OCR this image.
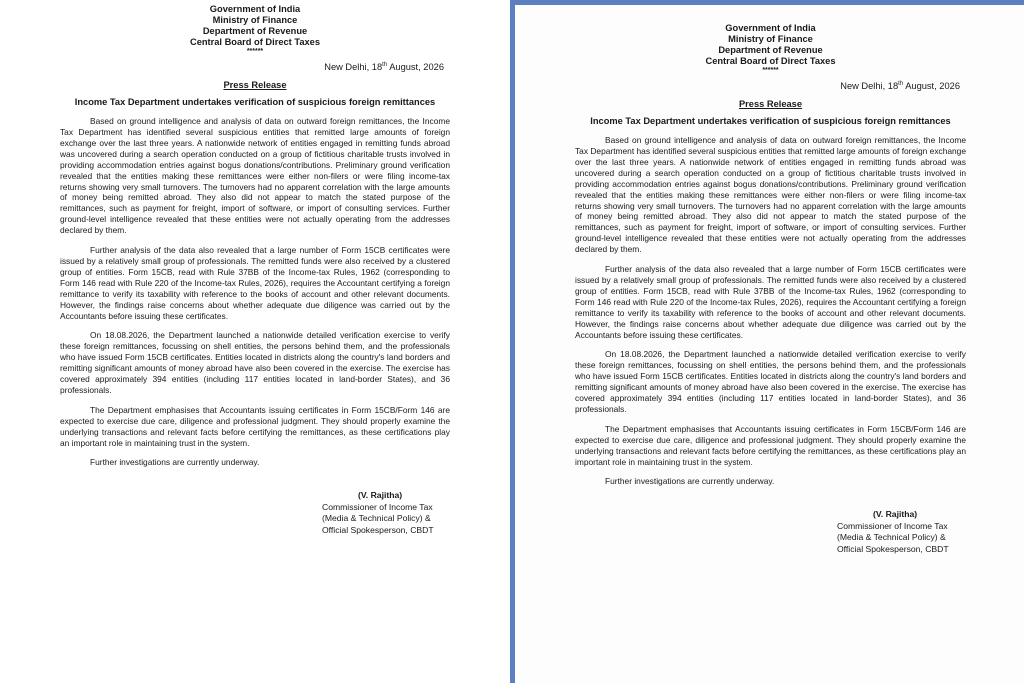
Government of India
Ministry of Finance
Department of Revenue
Central Board of Direct Taxes
******
New Delhi, 18th August, 2026
Press Release
Income Tax Department undertakes verification of suspicious foreign remittances

Based on ground intelligence and analysis of data on outward foreign remittances, the Income Tax Department has identified several suspicious entities that remitted large amounts of foreign exchange over the last three years. A nationwide network of entities engaged in remitting funds abroad was uncovered during a search operation conducted on a group of fictitious charitable trusts involved in providing accommodation entries against bogus donations/contributions. Preliminary ground verification revealed that the entities making these remittances were either non-filers or were filing income-tax returns showing very small turnovers. The turnovers had no apparent correlation with the large amounts of money being remitted abroad. They also did not appear to match the stated purpose of the remittances, such as payment for freight, import of software, or import of consulting services. Further ground-level intelligence revealed that these entities were not actually operating from the addresses declared by them.

Further analysis of the data also revealed that a large number of Form 15CB certificates were issued by a relatively small group of professionals. The remitted funds were also received by a clustered group of entities. Form 15CB, read with Rule 37BB of the Income-tax Rules, 1962 (corresponding to Form 146 read with Rule 220 of the Income-tax Rules, 2026), requires the Accountant certifying a foreign remittance to verify its taxability with reference to the books of account and other relevant documents. However, the findings raise concerns about whether adequate due diligence was carried out by the Accountants before issuing these certificates.

On 18.08.2026, the Department launched a nationwide detailed verification exercise to verify these foreign remittances, focussing on shell entities, the persons behind them, and the professionals who have issued Form 15CB certificates. Entities located in districts along the country's land borders and remitting significant amounts of money abroad have also been covered in the exercise. The exercise has covered approximately 394 entities (including 117 entities located in land-border States), and 36 professionals.

The Department emphasises that Accountants issuing certificates in Form 15CB/Form 146 are expected to exercise due care, diligence and professional judgment. They should properly examine the underlying transactions and relevant facts before certifying the remittances, as these certifications play an important role in maintaining trust in the system.

Further investigations are currently underway.

(V. Rajitha)
Commissioner of Income Tax
(Media & Technical Policy) &
Official Spokesperson, CBDT
Government of India
Ministry of Finance
Department of Revenue
Central Board of Direct Taxes
******
New Delhi, 18th August, 2026
Press Release
Income Tax Department undertakes verification of suspicious foreign remittances

Based on ground intelligence and analysis of data on outward foreign remittances, the Income Tax Department has identified several suspicious entities that remitted large amounts of foreign exchange over the last three years. A nationwide network of entities engaged in remitting funds abroad was uncovered during a search operation conducted on a group of fictitious charitable trusts involved in providing accommodation entries against bogus donations/contributions. Preliminary ground verification revealed that the entities making these remittances were either non-filers or were filing income-tax returns showing very small turnovers. The turnovers had no apparent correlation with the large amounts of money being remitted abroad. They also did not appear to match the stated purpose of the remittances, such as payment for freight, import of software, or import of consulting services. Further ground-level intelligence revealed that these entities were not actually operating from the addresses declared by them.

Further analysis of the data also revealed that a large number of Form 15CB certificates were issued by a relatively small group of professionals. The remitted funds were also received by a clustered group of entities. Form 15CB, read with Rule 37BB of the Income-tax Rules, 1962 (corresponding to Form 146 read with Rule 220 of the Income-tax Rules, 2026), requires the Accountant certifying a foreign remittance to verify its taxability with reference to the books of account and other relevant documents. However, the findings raise concerns about whether adequate due diligence was carried out by the Accountants before issuing these certificates.

On 18.08.2026, the Department launched a nationwide detailed verification exercise to verify these foreign remittances, focussing on shell entities, the persons behind them, and the professionals who have issued Form 15CB certificates. Entities located in districts along the country's land borders and remitting significant amounts of money abroad have also been covered in the exercise. The exercise has covered approximately 394 entities (including 117 entities located in land-border States), and 36 professionals.

The Department emphasises that Accountants issuing certificates in Form 15CB/Form 146 are expected to exercise due care, diligence and professional judgment. They should properly examine the underlying transactions and relevant facts before certifying the remittances, as these certifications play an important role in maintaining trust in the system.

Further investigations are currently underway.

(V. Rajitha)
Commissioner of Income Tax
(Media & Technical Policy) &
Official Spokesperson, CBDT
